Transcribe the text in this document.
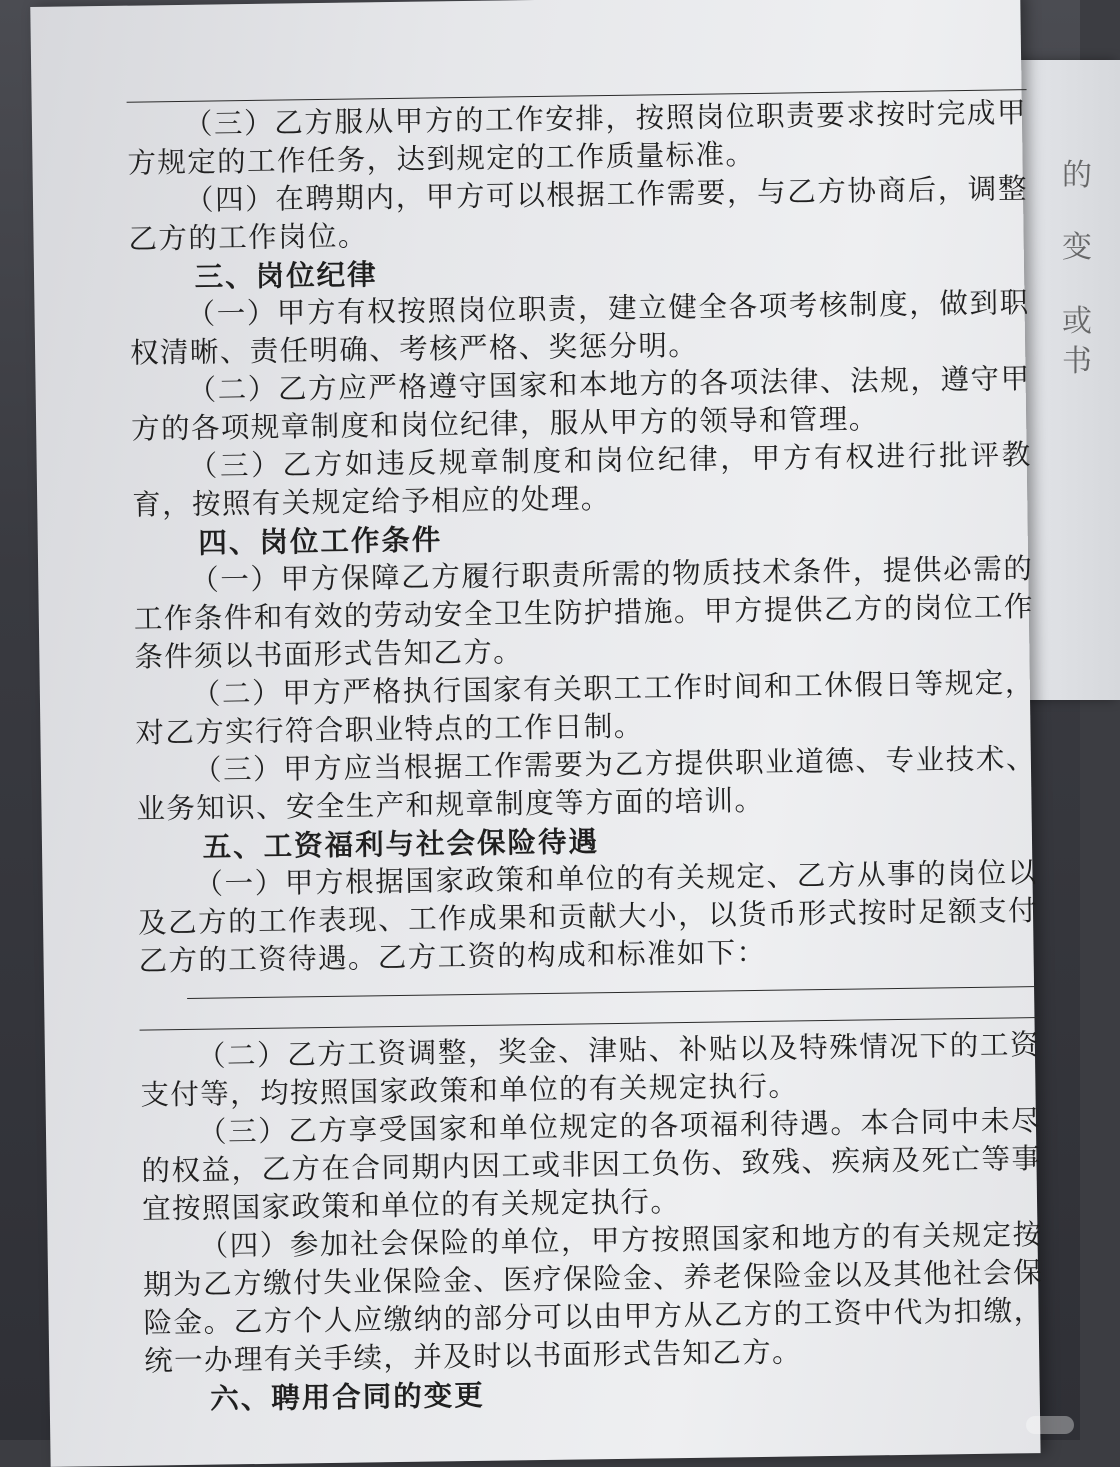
的
变
或
书

（三）乙方服从甲方的工作安排，按照岗位职责要求按时完成甲方规定的工作任务，达到规定的工作质量标准。

（四）在聘期内，甲方可以根据工作需要，与乙方协商后，调整乙方的工作岗位。

三、岗位纪律

（一）甲方有权按照岗位职责，建立健全各项考核制度，做到职权清晰、责任明确、考核严格、奖惩分明。

（二）乙方应严格遵守国家和本地方的各项法律、法规，遵守甲方的各项规章制度和岗位纪律，服从甲方的领导和管理。

（三）乙方如违反规章制度和岗位纪律，甲方有权进行批评教育，按照有关规定给予相应的处理。

四、岗位工作条件

（一）甲方保障乙方履行职责所需的物质技术条件，提供必需的工作条件和有效的劳动安全卫生防护措施。甲方提供乙方的岗位工作条件须以书面形式告知乙方。

（二）甲方严格执行国家有关职工工作时间和工休假日等规定，对乙方实行符合职业特点的工作日制。

（三）甲方应当根据工作需要为乙方提供职业道德、专业技术、业务知识、安全生产和规章制度等方面的培训。

五、工资福利与社会保险待遇

（一）甲方根据国家政策和单位的有关规定、乙方从事的岗位以及乙方的工作表现、工作成果和贡献大小，以货币形式按时足额支付乙方的工资待遇。乙方工资的构成和标准如下：

（二）乙方工资调整，奖金、津贴、补贴以及特殊情况下的工资支付等，均按照国家政策和单位的有关规定执行。

（三）乙方享受国家和单位规定的各项福利待遇。本合同中未尽的权益，乙方在合同期内因工或非因工负伤、致残、疾病及死亡等事宜按照国家政策和单位的有关规定执行。

（四）参加社会保险的单位，甲方按照国家和地方的有关规定按期为乙方缴付失业保险金、医疗保险金、养老保险金以及其他社会保险金。乙方个人应缴纳的部分可以由甲方从乙方的工资中代为扣缴，统一办理有关手续，并及时以书面形式告知乙方。

六、聘用合同的变更
